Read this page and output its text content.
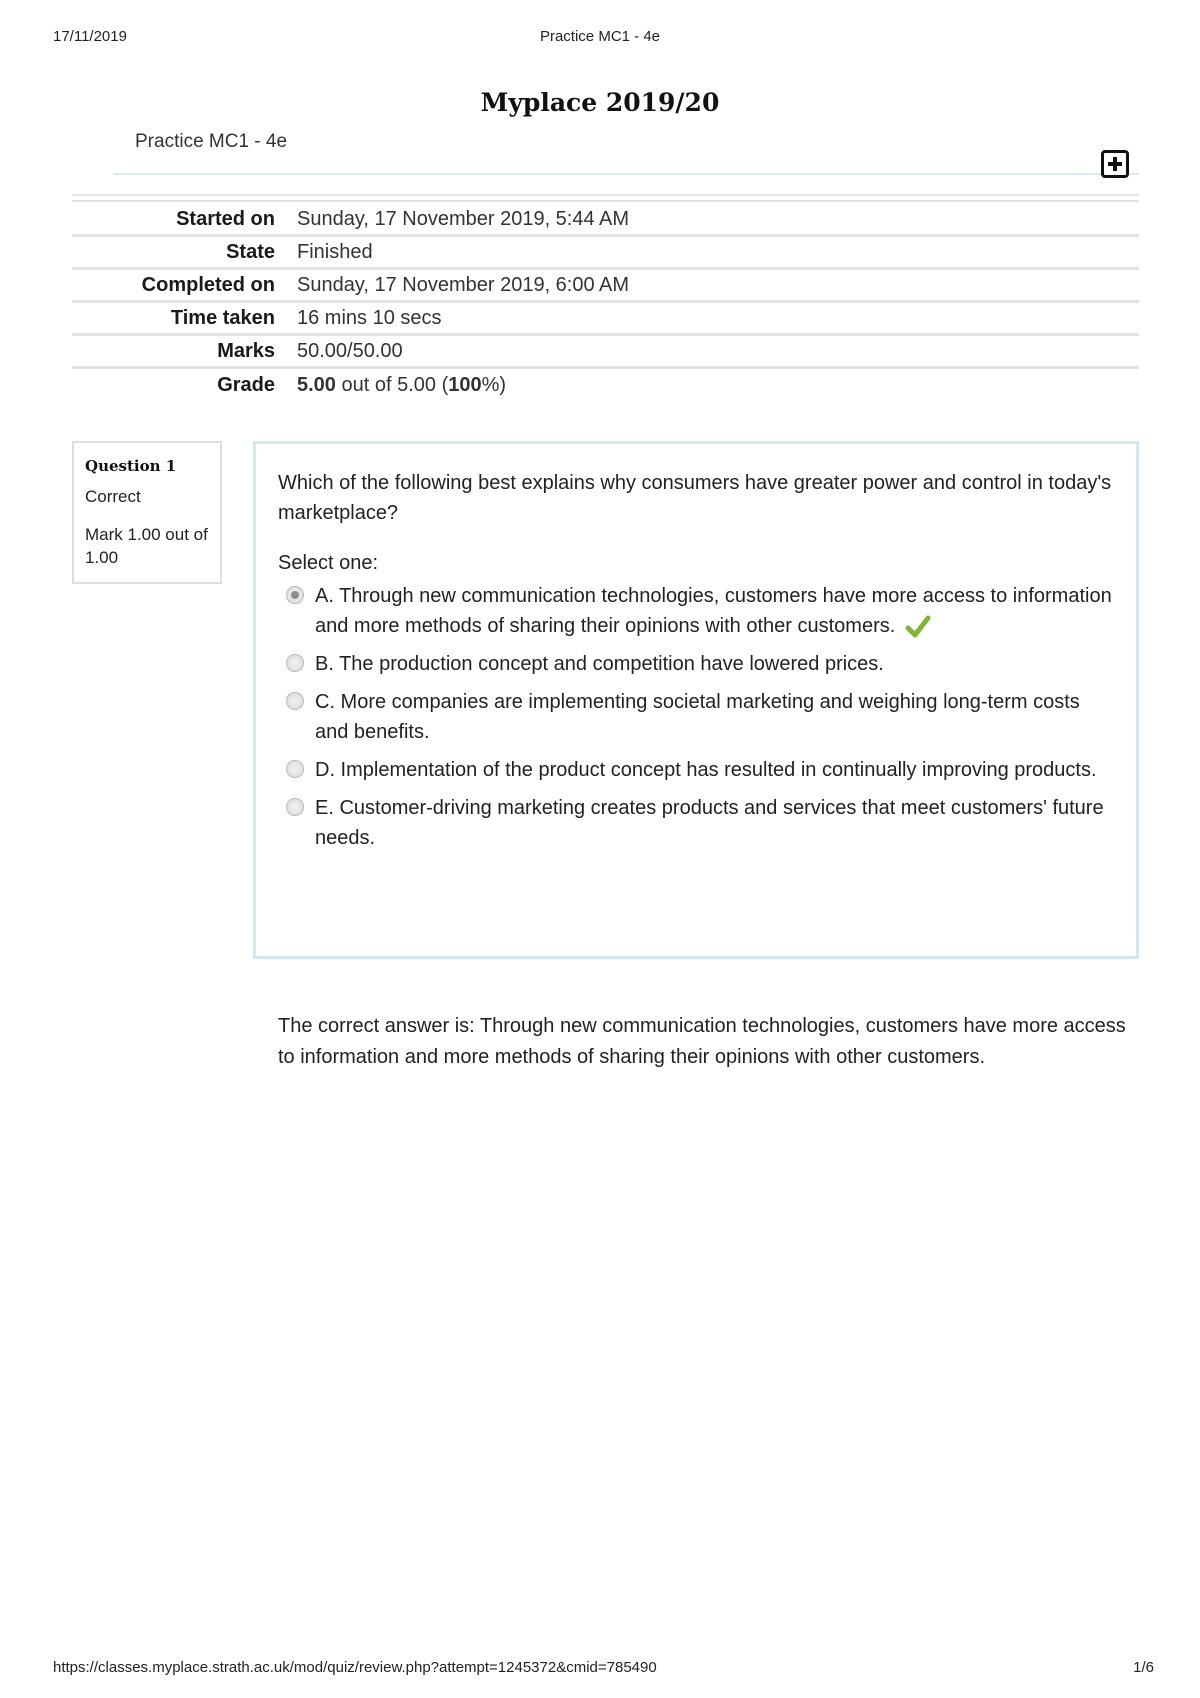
17/11/2019	Practice MC1 - 4e
Myplace 2019/20
Practice MC1 - 4e
Started on	Sunday, 17 November 2019, 5:44 AM
State	Finished
Completed on	Sunday, 17 November 2019, 6:00 AM
Time taken	16 mins 10 secs
Marks	50.00/50.00
Grade	5.00 out of 5.00 (100%)
Question 1
Correct
Mark 1.00 out of 1.00
Which of the following best explains why consumers have greater power and control in today's marketplace?
Select one:
A. Through new communication technologies, customers have more access to information and more methods of sharing their opinions with other customers.
B. The production concept and competition have lowered prices.
C. More companies are implementing societal marketing and weighing long-term costs and benefits.
D. Implementation of the product concept has resulted in continually improving products.
E. Customer-driving marketing creates products and services that meet customers' future needs.
The correct answer is: Through new communication technologies, customers have more access to information and more methods of sharing their opinions with other customers.
https://classes.myplace.strath.ac.uk/mod/quiz/review.php?attempt=1245372&cmid=785490	1/6
